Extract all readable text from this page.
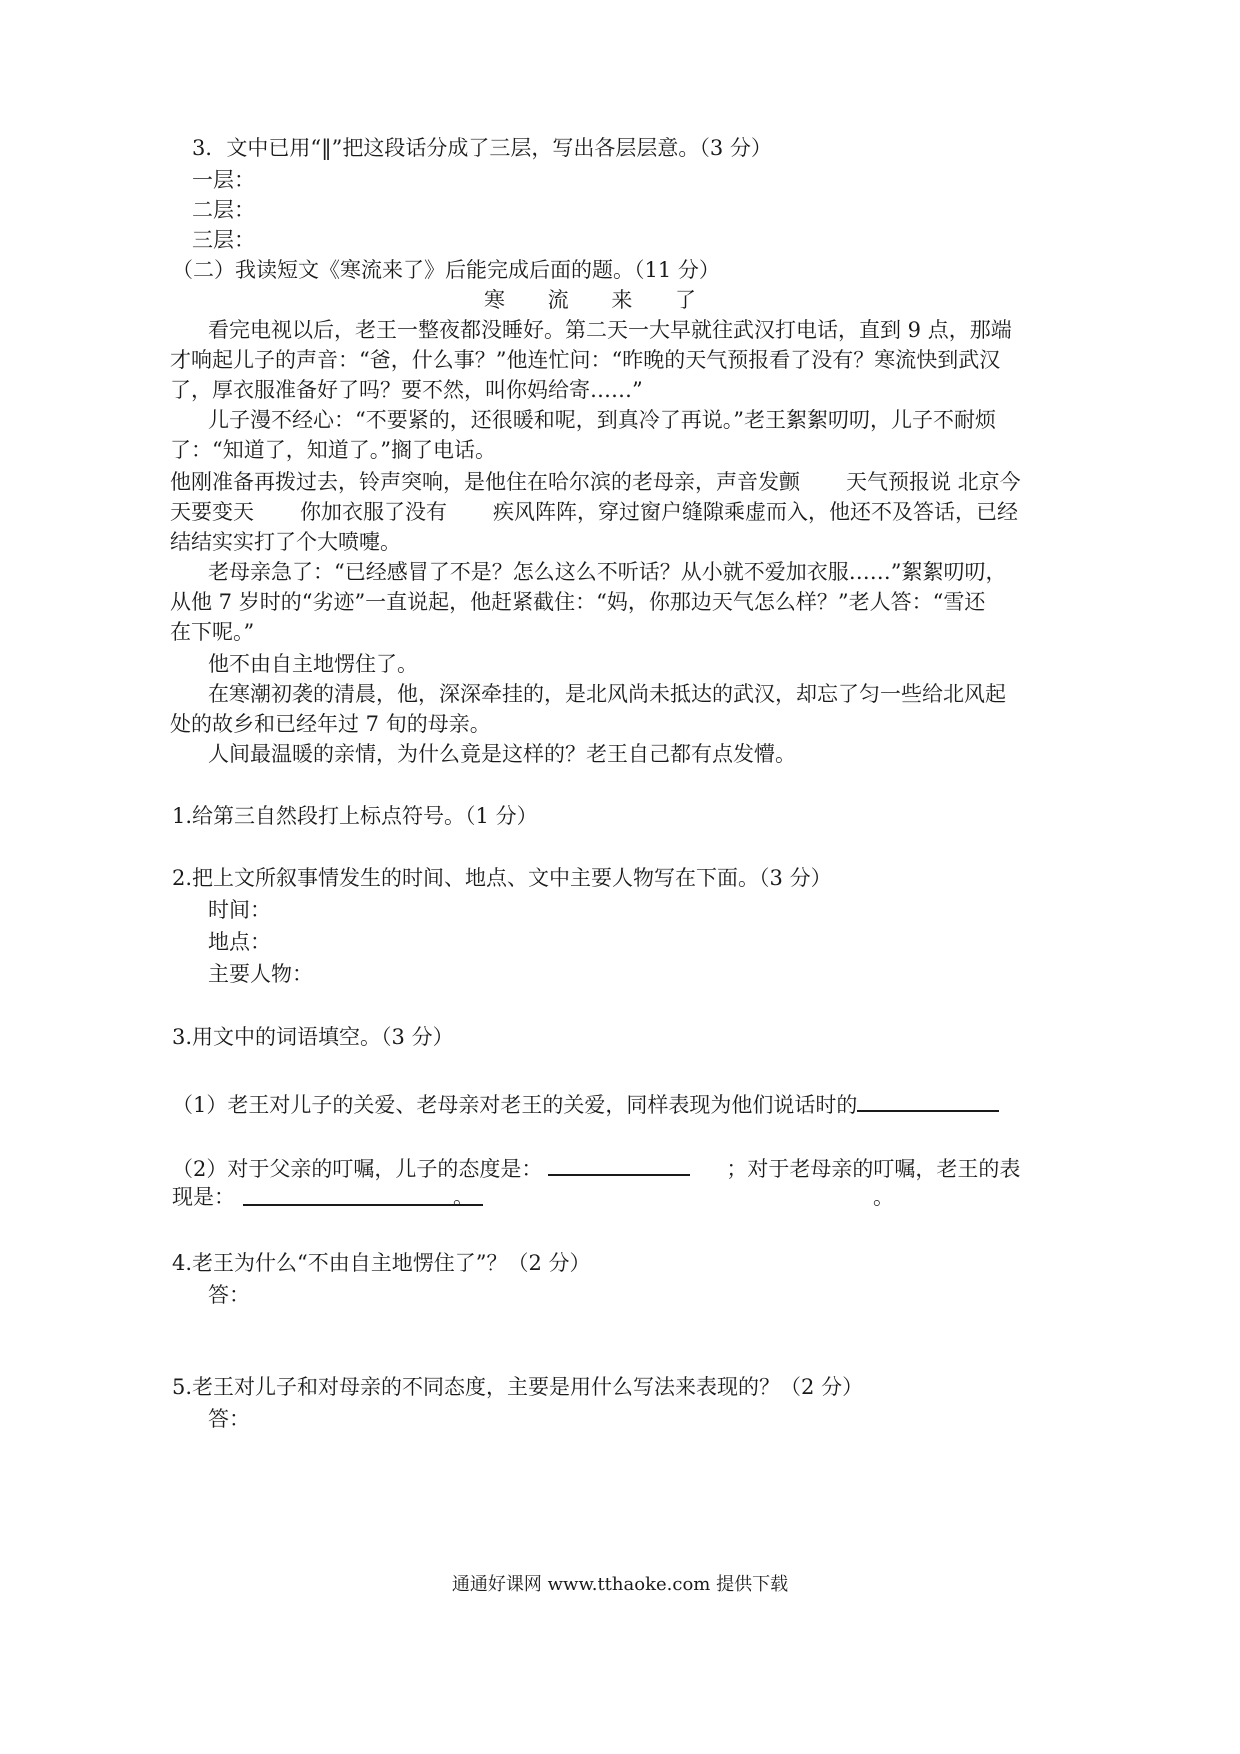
3．文中已用“‖”把这段话分成了三层，写出各层层意。（3 分）

一层：

二层：

三层：

（二）我读短文《寒流来了》后能完成后面的题。（11 分）

寒 流 来 了

看完电视以后，老王一整夜都没睡好。第二天一大早就往武汉打电话，直到 9 点，那端

才响起儿子的声音：“爸，什么事？”他连忙问：“昨晚的天气预报看了没有？寒流快到武汉

了，厚衣服准备好了吗？要不然，叫你妈给寄……”

儿子漫不经心：“不要紧的，还很暖和呢，到真冷了再说。”老王絮絮叨叨，儿子不耐烦

了：“知道了，知道了。”搁了电话。

他刚准备再拨过去，铃声突响，是他住在哈尔滨的老母亲，声音发颤 天气预报说 北京今

天要变天 你加衣服了没有 疾风阵阵，穿过窗户缝隙乘虚而入，他还不及答话，已经

结结实实打了个大喷嚏。

老母亲急了：“已经感冒了不是？怎么这么不听话？从小就不爱加衣服……”絮絮叨叨，

从他 7 岁时的“劣迹”一直说起，他赶紧截住：“妈，你那边天气怎么样？”老人答：“雪还

在下呢。”

他不由自主地愣住了。

在寒潮初袭的清晨，他，深深牵挂的，是北风尚未抵达的武汉，却忘了匀一些给北风起

处的故乡和已经年过 7 旬的母亲。

人间最温暖的亲情，为什么竟是这样的？老王自己都有点发懵。

1.给第三自然段打上标点符号。（1 分）

2.把上文所叙事情发生的时间、地点、文中主要人物写在下面。（3 分）

时间：

地点：

主要人物：

3.用文中的词语填空。（3 分）

（1）老王对儿子的关爱、老母亲对老王的关爱，同样表现为他们说话时的

（2）对于父亲的叮嘱，儿子的态度是：	；对于老母亲的叮嘱，老王的表

现是：	。	。

4.老王为什么“不由自主地愣住了”？（2 分）

答：

5.老王对儿子和对母亲的不同态度，主要是用什么写法来表现的？（2 分）

答：

通通好课网 www.tthaoke.com 提供下载
